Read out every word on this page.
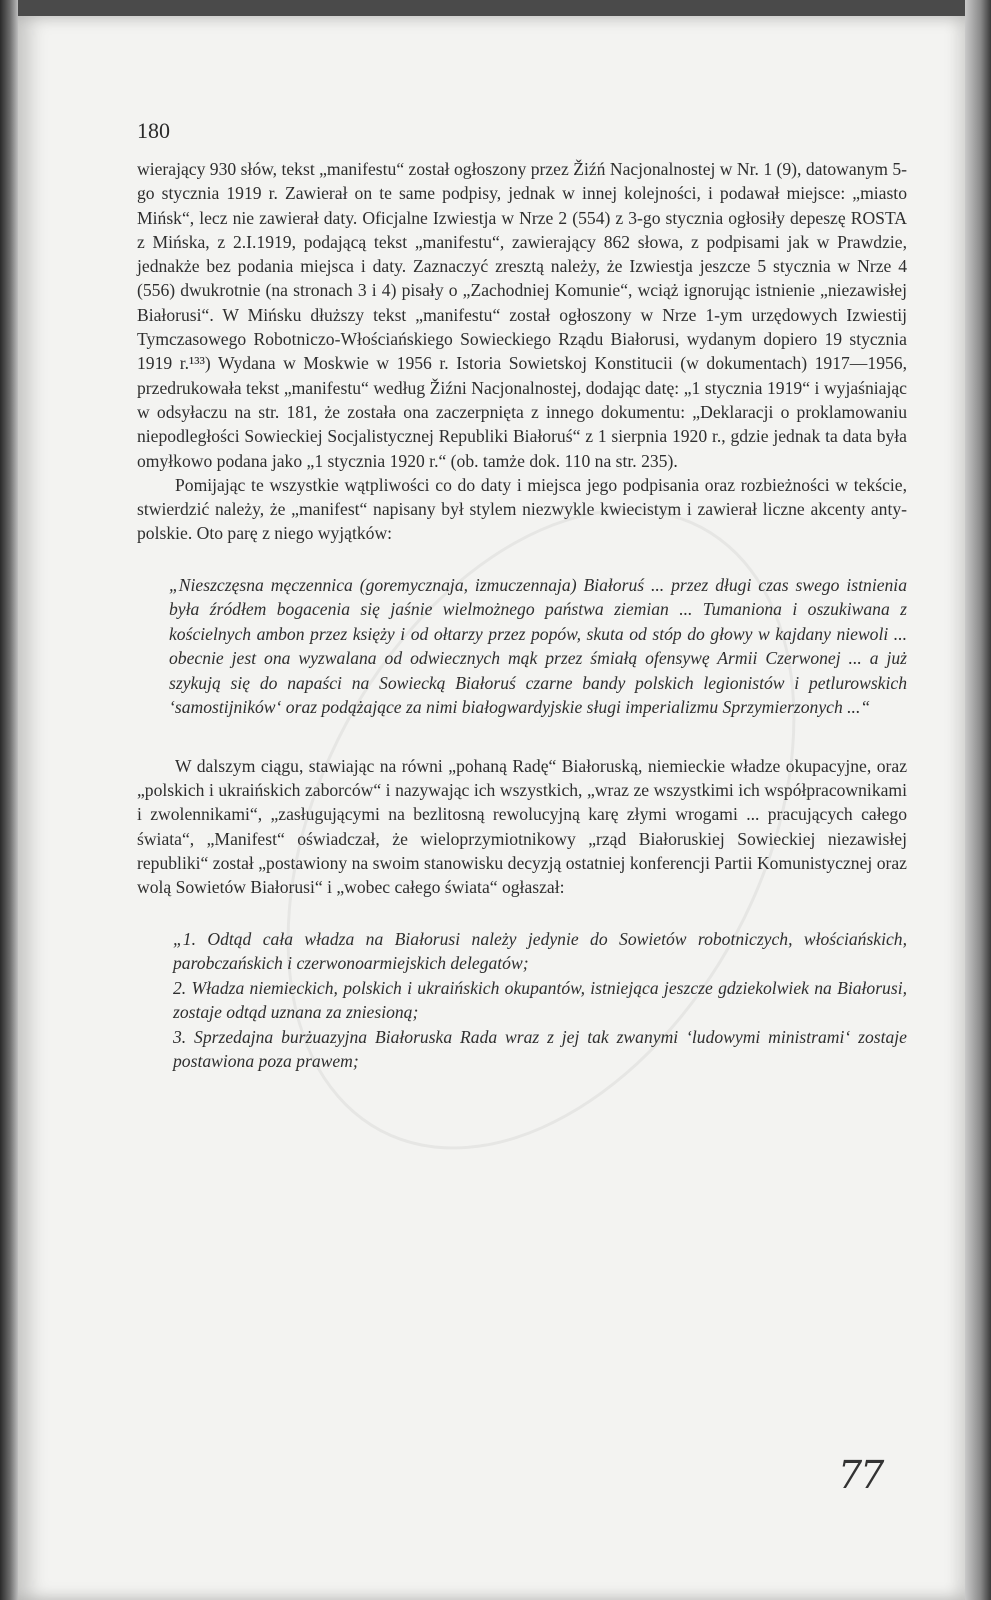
180

wierający 930 słów, tekst „manifestu“ został ogłoszony przez Žiźń Nacjonalnostej w Nr. 1 (9), datowanym 5-go stycznia 1919 r. Zawierał on te same podpisy, jednak w innej kolejności, i podawał miejsce: „miasto Mińsk“, lecz nie zawierał daty. Oficjalne Izwiestja w Nrze 2 (554) z 3-go stycznia ogłosiły depeszę ROSTA z Mińska, z 2.I.1919, podającą tekst „manifestu“, zawierający 862 słowa, z podpisami jak w Prawdzie, jednakże bez podania miejsca i daty. Zaznaczyć zresztą należy, że Izwiestja jeszcze 5 stycznia w Nrze 4 (556) dwukrotnie (na stronach 3 i 4) pisały o „Zachodniej Komunie“, wciąż ignorując istnienie „niezawisłej Białorusi“. W Mińsku dłuższy tekst „manifestu“ został ogłoszony w Nrze 1-ym urzędowych Izwiestij Tymczasowego Robotniczo-Włościańskiego Sowieckiego Rządu Białorusi, wydanym dopiero 19 stycznia 1919 r.¹³³) Wydana w Moskwie w 1956 r. Istoria Sowietskoj Konstitucii (w dokumentach) 1917—1956, przedrukowała tekst „manifestu“ według Žiźni Nacjonalnostej, dodając datę: „1 stycznia 1919“ i wyjaśniając w odsyłaczu na str. 181, że została ona zaczerpnięta z innego dokumentu: „Deklaracji o proklamowaniu niepodległości Sowieckiej Socjalistycznej Republiki Białoruś“ z 1 sierpnia 1920 r., gdzie jednak ta data była omyłkowo podana jako „1 stycznia 1920 r.“ (ob. tamże dok. 110 na str. 235).

Pomijając te wszystkie wątpliwości co do daty i miejsca jego podpisania oraz rozbieżności w tekście, stwierdzić należy, że „manifest“ napisany był stylem niezwykle kwiecistym i zawierał liczne akcenty anty-polskie. Oto parę z niego wyjątków:

„Nieszczęsna męczennica (goremycznaja, izmuczennaja) Białoruś ... przez długi czas swego istnienia była źródłem bogacenia się jaśnie wielmożnego państwa ziemian ... Tumaniona i oszukiwana z kościelnych ambon przez księży i od ołtarzy przez popów, skuta od stóp do głowy w kajdany niewoli ... obecnie jest ona wyzwalana od odwiecznych mąk przez śmiałą ofensywę Armii Czerwonej ... a już szykują się do napaści na Sowiecką Białoruś czarne bandy polskich legionistów i petlurowskich ‘samostijników‘ oraz podążające za nimi białogwardyjskie sługi imperializmu Sprzymierzonych ...“

W dalszym ciągu, stawiając na równi „pohaną Radę“ Białoruską, niemieckie władze okupacyjne, oraz „polskich i ukraińskich zaborców“ i nazywając ich wszystkich, „wraz ze wszystkimi ich współpracownikami i zwolennikami“, „zasługującymi na bezlitosną rewolucyjną karę złymi wrogami ... pracujących całego świata“, „Manifest“ oświadczał, że wieloprzymiotnikowy „rząd Białoruskiej Sowieckiej niezawisłej republiki“ został „postawiony na swoim stanowisku decyzją ostatniej konferencji Partii Komunistycznej oraz wolą Sowietów Białorusi“ i „wobec całego świata“ ogłaszał:

„1. Odtąd cała władza na Białorusi należy jedynie do Sowietów robotniczych, włościańskich, parobczańskich i czerwonoarmiejskich delegatów;

2. Władza niemieckich, polskich i ukraińskich okupantów, istniejąca jeszcze gdziekolwiek na Białorusi, zostaje odtąd uznana za zniesioną;

3. Sprzedajna burżuazyjna Białoruska Rada wraz z jej tak zwanymi ‘ludowymi ministrami‘ zostaje postawiona poza prawem;

77
